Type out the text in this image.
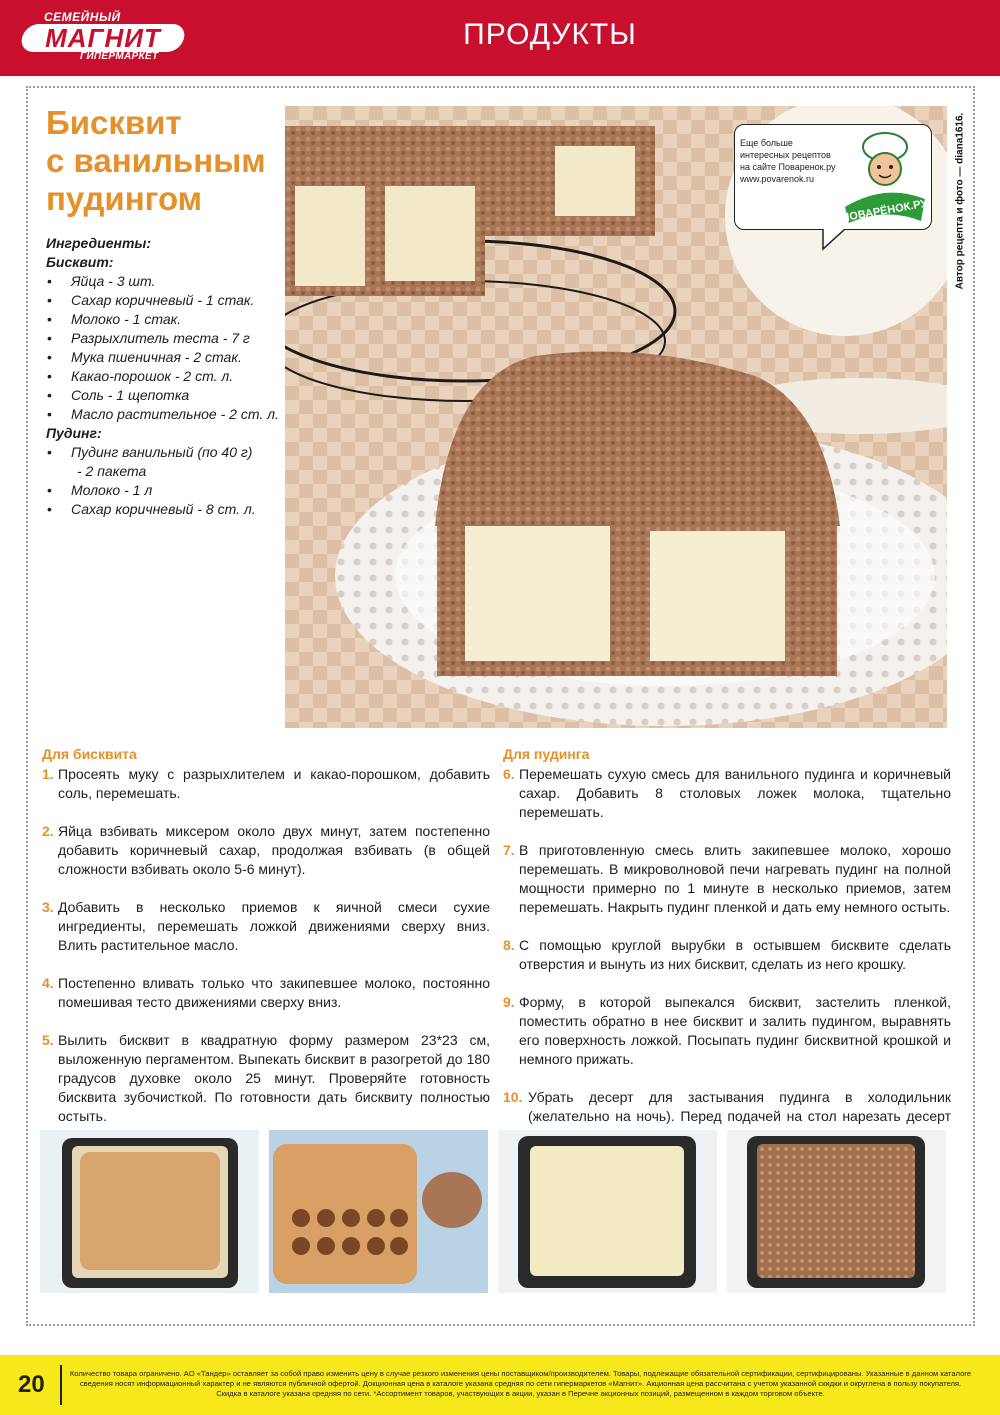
СЕМЕЙНЫЙ
МАГНИТ
ГИПЕРМАРКЕТ
ПРОДУКТЫ
Бисквит
с ванильным
пудингом
Ингредиенты:
Бисквит:
• Яйца - 3 шт.
• Сахар коричневый - 1 стак.
• Молоко - 1 стак.
• Разрыхлитель теста - 7 г
• Мука пшеничная - 2 стак.
• Какао-порошок - 2 ст. л.
• Соль - 1 щепотка
• Масло растительное - 2 ст. л.
Пудинг:
• Пудинг ванильный (по 40 г)
- 2 пакета
• Молоко - 1 л
• Сахар коричневый - 8 ст. л.
Еще больше интересных рецептов на сайте Поваренок.ру www.povarenok.ru
ПОВАРЁНОК.РУ	Автор рецепта и фото — diana1616.
Для бисквита
1. Просеять муку с разрыхлителем и какао-порошком, добавить соль, перемешать.
2. Яйца взбивать миксером около двух минут, затем постепенно добавить коричневый сахар, продолжая взбивать (в общей сложности взбивать около 5-6 минут).
3. Добавить в несколько приемов к яичной смеси сухие ингредиенты, перемешать ложкой движениями сверху вниз. Влить растительное масло.
4. Постепенно вливать только что закипевшее молоко, постоянно помешивая тесто движениями сверху вниз.
5. Вылить бисквит в квадратную форму размером 23*23 см, выложенную пергаментом. Выпекать бисквит в разогретой до 180 градусов духовке около 25 минут. Проверяйте готовность бисквита зубочисткой. По готовности дать бисквиту полностью остыть.
Для пудинга
6. Перемешать сухую смесь для ванильного пудинга и коричневый сахар. Добавить 8 столовых ложек молока, тщательно перемешать.
7. В приготовленную смесь влить закипевшее молоко, хорошо перемешать. В микроволновой печи нагревать пудинг на полной мощности примерно по 1 минуте в несколько приемов, затем перемешать. Накрыть пудинг пленкой и дать ему немного остыть.
8. С помощью круглой вырубки в остывшем бисквите сделать отверстия и вынуть из них бисквит, сделать из него крошку.
9. Форму, в которой выпекался бисквит, застелить пленкой, поместить обратно в нее бисквит и залить пудингом, выравнять его поверхность ложкой. Посыпать пудинг бисквитной крошкой и немного прижать.
10. Убрать десерт для застывания пудинга в холодильник (желательно на ночь). Перед подачей на стол нарезать десерт
20	Количество товара ограничено. АО «Тандер» оставляет за собой право изменить цену в случае резкого изменения цены поставщиком/производителем. Товары, подлежащие обязательной сертификации, сертифицированы. Указанные в данном каталоге сведения носят информационный характер и не являются публичной офертой. Докционная цена в каталоге указана средняя по сети гипермаркетов «Магнит». Акционная цена рассчитана с учетом указанной скидки и округлена в пользу покупателя. Скидка в каталоге указана средняя по сети. *Ассортимент товаров, участвующих в акции, указан в Перечне акционных позиций, размещенном в каждом торговом объекте.
